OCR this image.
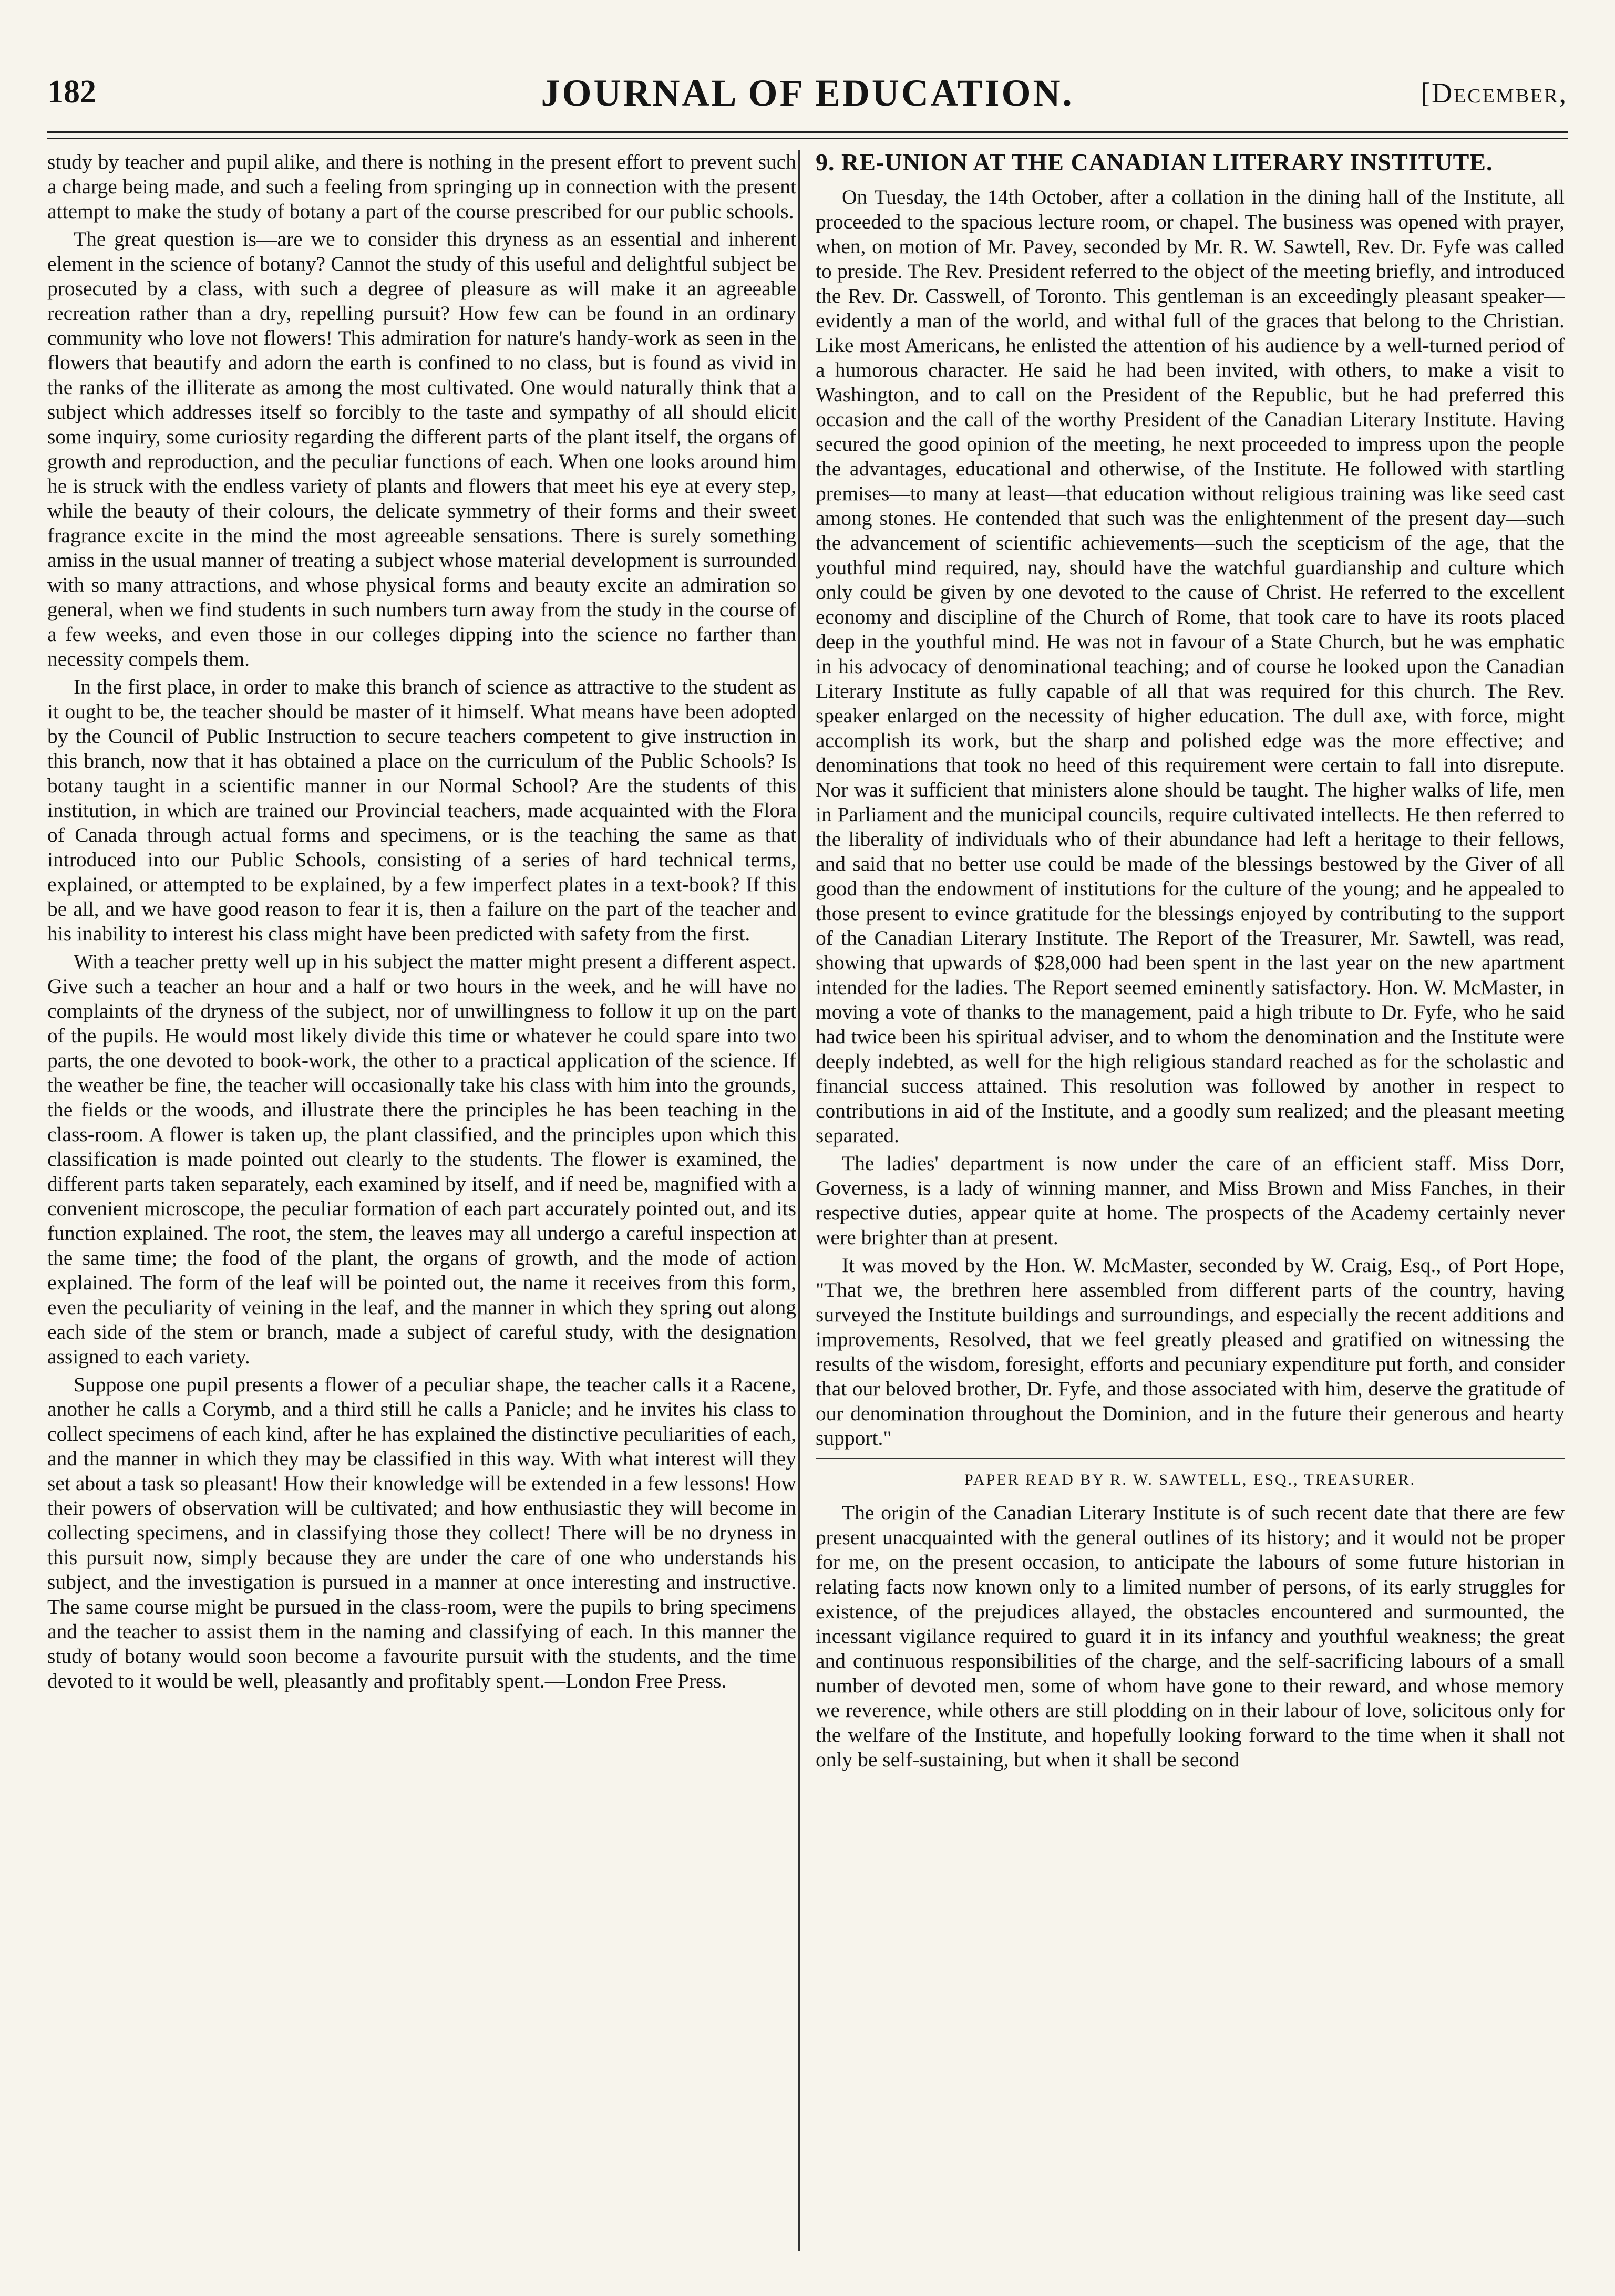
182	JOURNAL OF EDUCATION.	[December,

study by teacher and pupil alike, and there is nothing in the present effort to prevent such a charge being made, and such a feeling from springing up in connection with the present attempt to make the study of botany a part of the course prescribed for our public schools.

The great question is—are we to consider this dryness as an essential and inherent element in the science of botany? Cannot the study of this useful and delightful subject be prosecuted by a class, with such a degree of pleasure as will make it an agreeable recreation rather than a dry, repelling pursuit? How few can be found in an ordinary community who love not flowers! This admiration for nature's handy-work as seen in the flowers that beautify and adorn the earth is confined to no class, but is found as vivid in the ranks of the illiterate as among the most cultivated. One would naturally think that a subject which addresses itself so forcibly to the taste and sympathy of all should elicit some inquiry, some curiosity regarding the different parts of the plant itself, the organs of growth and reproduction, and the peculiar functions of each. When one looks around him he is struck with the endless variety of plants and flowers that meet his eye at every step, while the beauty of their colours, the delicate symmetry of their forms and their sweet fragrance excite in the mind the most agreeable sensations. There is surely something amiss in the usual manner of treating a subject whose material development is surrounded with so many attractions, and whose physical forms and beauty excite an admiration so general, when we find students in such numbers turn away from the study in the course of a few weeks, and even those in our colleges dipping into the science no farther than necessity compels them.

In the first place, in order to make this branch of science as attractive to the student as it ought to be, the teacher should be master of it himself. What means have been adopted by the Council of Public Instruction to secure teachers competent to give instruction in this branch, now that it has obtained a place on the curriculum of the Public Schools? Is botany taught in a scientific manner in our Normal School? Are the students of this institution, in which are trained our Provincial teachers, made acquainted with the Flora of Canada through actual forms and specimens, or is the teaching the same as that introduced into our Public Schools, consisting of a series of hard technical terms, explained, or attempted to be explained, by a few imperfect plates in a text-book? If this be all, and we have good reason to fear it is, then a failure on the part of the teacher and his inability to interest his class might have been predicted with safety from the first.

With a teacher pretty well up in his subject the matter might present a different aspect. Give such a teacher an hour and a half or two hours in the week, and he will have no complaints of the dryness of the subject, nor of unwillingness to follow it up on the part of the pupils. He would most likely divide this time or whatever he could spare into two parts, the one devoted to book-work, the other to a practical application of the science. If the weather be fine, the teacher will occasionally take his class with him into the grounds, the fields or the woods, and illustrate there the principles he has been teaching in the class-room. A flower is taken up, the plant classified, and the principles upon which this classification is made pointed out clearly to the students. The flower is examined, the different parts taken separately, each examined by itself, and if need be, magnified with a convenient microscope, the peculiar formation of each part accurately pointed out, and its function explained. The root, the stem, the leaves may all undergo a careful inspection at the same time; the food of the plant, the organs of growth, and the mode of action explained. The form of the leaf will be pointed out, the name it receives from this form, even the peculiarity of veining in the leaf, and the manner in which they spring out along each side of the stem or branch, made a subject of careful study, with the designation assigned to each variety.

Suppose one pupil presents a flower of a peculiar shape, the teacher calls it a Racene, another he calls a Corymb, and a third still he calls a Panicle; and he invites his class to collect specimens of each kind, after he has explained the distinctive peculiarities of each, and the manner in which they may be classified in this way. With what interest will they set about a task so pleasant! How their knowledge will be extended in a few lessons! How their powers of observation will be cultivated; and how enthusiastic they will become in collecting specimens, and in classifying those they collect! There will be no dryness in this pursuit now, simply because they are under the care of one who understands his subject, and the investigation is pursued in a manner at once interesting and instructive. The same course might be pursued in the class-room, were the pupils to bring specimens and the teacher to assist them in the naming and classifying of each. In this manner the study of botany would soon become a favourite pursuit with the students, and the time devoted to it would be well, pleasantly and profitably spent.—London Free Press.

9. RE-UNION AT THE CANADIAN LITERARY INSTITUTE.

On Tuesday, the 14th October, after a collation in the dining hall of the Institute, all proceeded to the spacious lecture room, or chapel. The business was opened with prayer, when, on motion of Mr. Pavey, seconded by Mr. R. W. Sawtell, Rev. Dr. Fyfe was called to preside. The Rev. President referred to the object of the meeting briefly, and introduced the Rev. Dr. Casswell, of Toronto. This gentleman is an exceedingly pleasant speaker—evidently a man of the world, and withal full of the graces that belong to the Christian. Like most Americans, he enlisted the attention of his audience by a well-turned period of a humorous character. He said he had been invited, with others, to make a visit to Washington, and to call on the President of the Republic, but he had preferred this occasion and the call of the worthy President of the Canadian Literary Institute. Having secured the good opinion of the meeting, he next proceeded to impress upon the people the advantages, educational and otherwise, of the Institute. He followed with startling premises—to many at least—that education without religious training was like seed cast among stones. He contended that such was the enlightenment of the present day—such the advancement of scientific achievements—such the scepticism of the age, that the youthful mind required, nay, should have the watchful guardianship and culture which only could be given by one devoted to the cause of Christ. He referred to the excellent economy and discipline of the Church of Rome, that took care to have its roots placed deep in the youthful mind. He was not in favour of a State Church, but he was emphatic in his advocacy of denominational teaching; and of course he looked upon the Canadian Literary Institute as fully capable of all that was required for this church. The Rev. speaker enlarged on the necessity of higher education. The dull axe, with force, might accomplish its work, but the sharp and polished edge was the more effective; and denominations that took no heed of this requirement were certain to fall into disrepute. Nor was it sufficient that ministers alone should be taught. The higher walks of life, men in Parliament and the municipal councils, require cultivated intellects. He then referred to the liberality of individuals who of their abundance had left a heritage to their fellows, and said that no better use could be made of the blessings bestowed by the Giver of all good than the endowment of institutions for the culture of the young; and he appealed to those present to evince gratitude for the blessings enjoyed by contributing to the support of the Canadian Literary Institute. The Report of the Treasurer, Mr. Sawtell, was read, showing that upwards of $28,000 had been spent in the last year on the new apartment intended for the ladies. The Report seemed eminently satisfactory. Hon. W. McMaster, in moving a vote of thanks to the management, paid a high tribute to Dr. Fyfe, who he said had twice been his spiritual adviser, and to whom the denomination and the Institute were deeply indebted, as well for the high religious standard reached as for the scholastic and financial success attained. This resolution was followed by another in respect to contributions in aid of the Institute, and a goodly sum realized; and the pleasant meeting separated.

The ladies' department is now under the care of an efficient staff. Miss Dorr, Governess, is a lady of winning manner, and Miss Brown and Miss Fanches, in their respective duties, appear quite at home. The prospects of the Academy certainly never were brighter than at present.

It was moved by the Hon. W. McMaster, seconded by W. Craig, Esq., of Port Hope, "That we, the brethren here assembled from different parts of the country, having surveyed the Institute buildings and surroundings, and especially the recent additions and improvements, Resolved, that we feel greatly pleased and gratified on witnessing the results of the wisdom, foresight, efforts and pecuniary expenditure put forth, and consider that our beloved brother, Dr. Fyfe, and those associated with him, deserve the gratitude of our denomination throughout the Dominion, and in the future their generous and hearty support."

PAPER READ BY R. W. SAWTELL, ESQ., TREASURER.

The origin of the Canadian Literary Institute is of such recent date that there are few present unacquainted with the general outlines of its history; and it would not be proper for me, on the present occasion, to anticipate the labours of some future historian in relating facts now known only to a limited number of persons, of its early struggles for existence, of the prejudices allayed, the obstacles encountered and surmounted, the incessant vigilance required to guard it in its infancy and youthful weakness; the great and continuous responsibilities of the charge, and the self-sacrificing labours of a small number of devoted men, some of whom have gone to their reward, and whose memory we reverence, while others are still plodding on in their labour of love, solicitous only for the welfare of the Institute, and hopefully looking forward to the time when it shall not only be self-sustaining, but when it shall be second
